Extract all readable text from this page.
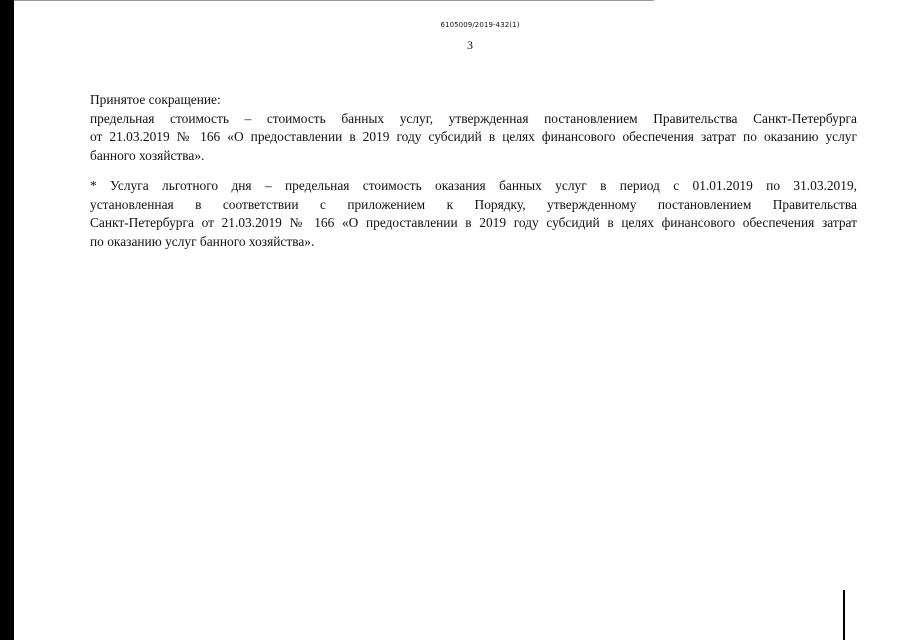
6105009/2019-432(1)
3
Принятое сокращение:
предельная стоимость – стоимость банных услуг, утвержденная постановлением Правительства Санкт-Петербурга
от 21.03.2019 № 166 «О предоставлении в 2019 году субсидий в целях финансового обеспечения затрат по оказанию услуг
банного хозяйства».
* Услуга льготного дня – предельная стоимость оказания банных услуг в период с 01.01.2019 по 31.03.2019,
установленная в соответствии с приложением к Порядку, утвержденному постановлением Правительства
Санкт-Петербурга от 21.03.2019 № 166 «О предоставлении в 2019 году субсидий в целях финансового обеспечения затрат
по оказанию услуг банного хозяйства».
